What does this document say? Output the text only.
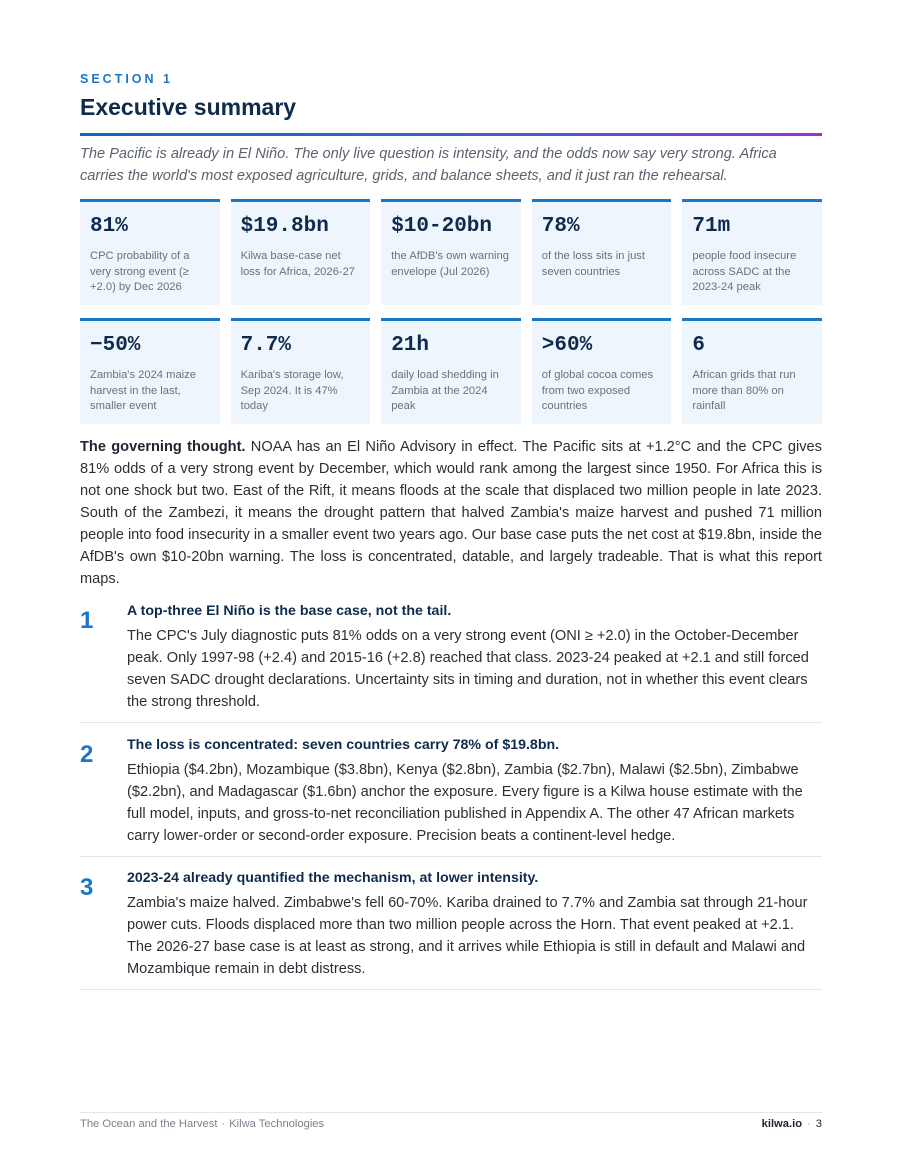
SECTION 1
Executive summary

The Pacific is already in El Niño. The only live question is intensity, and the odds now say very strong. Africa carries the world's most exposed agriculture, grids, and balance sheets, and it just ran the rehearsal.

81%
CPC probability of a very strong event (≥ +2.0) by Dec 2026
$19.8bn
Kilwa base-case net loss for Africa, 2026-27
$10-20bn
the AfDB's own warning envelope (Jul 2026)
78%
of the loss sits in just seven countries
71m
people food insecure across SADC at the 2023-24 peak
−50%
Zambia's 2024 maize harvest in the last, smaller event
7.7%
Kariba's storage low, Sep 2024. It is 47% today
21h
daily load shedding in Zambia at the 2024 peak
>60%
of global cocoa comes from two exposed countries
6
African grids that run more than 80% on rainfall

The governing thought. NOAA has an El Niño Advisory in effect. The Pacific sits at +1.2°C and the CPC gives 81% odds of a very strong event by December, which would rank among the largest since 1950. For Africa this is not one shock but two. East of the Rift, it means floods at the scale that displaced two million people in late 2023. South of the Zambezi, it means the drought pattern that halved Zambia's maize harvest and pushed 71 million people into food insecurity in a smaller event two years ago. Our base case puts the net cost at $19.8bn, inside the AfDB's own $10-20bn warning. The loss is concentrated, datable, and largely tradeable. That is what this report maps.

1 A top-three El Niño is the base case, not the tail.
The CPC's July diagnostic puts 81% odds on a very strong event (ONI ≥ +2.0) in the October-December peak. Only 1997-98 (+2.4) and 2015-16 (+2.8) reached that class. 2023-24 peaked at +2.1 and still forced seven SADC drought declarations. Uncertainty sits in timing and duration, not in whether this event clears the strong threshold.
2 The loss is concentrated: seven countries carry 78% of $19.8bn.
Ethiopia ($4.2bn), Mozambique ($3.8bn), Kenya ($2.8bn), Zambia ($2.7bn), Malawi ($2.5bn), Zimbabwe ($2.2bn), and Madagascar ($1.6bn) anchor the exposure. Every figure is a Kilwa house estimate with the full model, inputs, and gross-to-net reconciliation published in Appendix A. The other 47 African markets carry lower-order or second-order exposure. Precision beats a continent-level hedge.
3 2023-24 already quantified the mechanism, at lower intensity.
Zambia's maize halved. Zimbabwe's fell 60-70%. Kariba drained to 7.7% and Zambia sat through 21-hour power cuts. Floods displaced more than two million people across the Horn. That event peaked at +2.1. The 2026-27 base case is at least as strong, and it arrives while Ethiopia is still in default and Malawi and Mozambique remain in debt distress.
The Ocean and the Harvest · Kilwa Technologies	kilwa.io · 3
